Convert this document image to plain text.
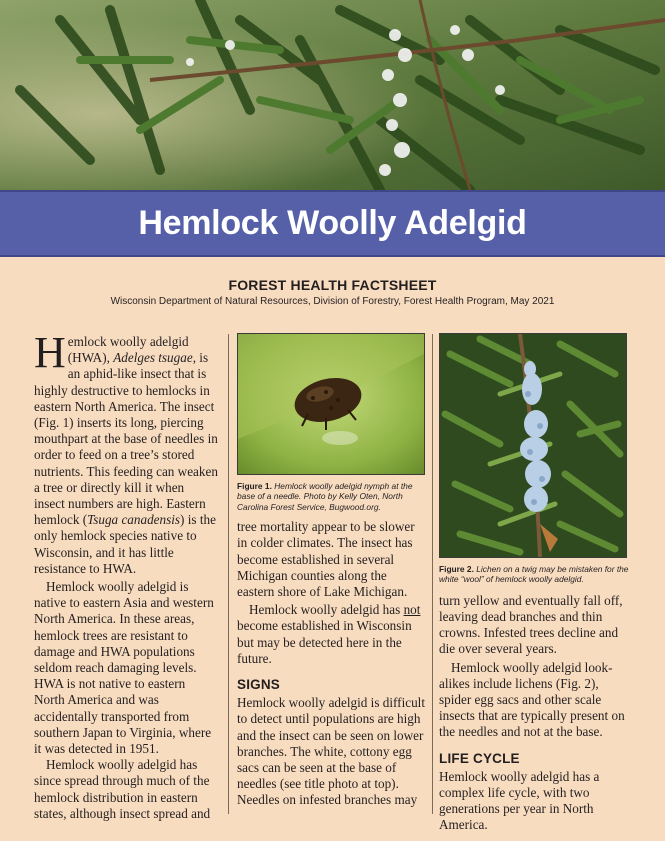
Hemlock Woolly Adelgid
FOREST HEALTH FACTSHEET
Wisconsin Department of Natural Resources, Division of Forestry, Forest Health Program, May 2021

Hemlock woolly adelgid (HWA), Adelges tsugae, is an aphid-like insect that is highly destructive to hemlocks in eastern North America. The insect (Fig. 1) inserts its long, piercing mouthpart at the base of needles in order to feed on a tree’s stored nutrients. This feeding can weaken a tree or directly kill it when insect numbers are high. Eastern hemlock (Tsuga canadensis) is the only hemlock species native to Wisconsin, and it has little resistance to HWA.

Hemlock woolly adelgid is native to eastern Asia and western North America. In these areas, hemlock trees are resistant to damage and HWA populations seldom reach damaging levels. HWA is not native to eastern North America and was accidentally transported from southern Japan to Virginia, where it was detected in 1951.

Hemlock woolly adelgid has since spread through much of the hemlock distribution in eastern states, although insect spread and

Figure 1. Hemlock woolly adelgid nymph at the base of a needle. Photo by Kelly Oten, North Carolina Forest Service, Bugwood.org.

tree mortality appear to be slower in colder climates. The insect has become established in several Michigan counties along the eastern shore of Lake Michigan.

Hemlock woolly adelgid has not become established in Wisconsin but may be detected here in the future.

SIGNS

Hemlock woolly adelgid is difficult to detect until populations are high and the insect can be seen on lower branches. The white, cottony egg sacs can be seen at the base of needles (see title photo at top). Needles on infested branches may

Figure 2. Lichen on a twig may be mistaken for the white “wool” of hemlock woolly adelgid.

turn yellow and eventually fall off, leaving dead branches and thin crowns. Infested trees decline and die over several years.

Hemlock woolly adelgid look-alikes include lichens (Fig. 2), spider egg sacs and other scale insects that are typically present on the needles and not at the base.

LIFE CYCLE

Hemlock woolly adelgid has a complex life cycle, with two generations per year in North America.
